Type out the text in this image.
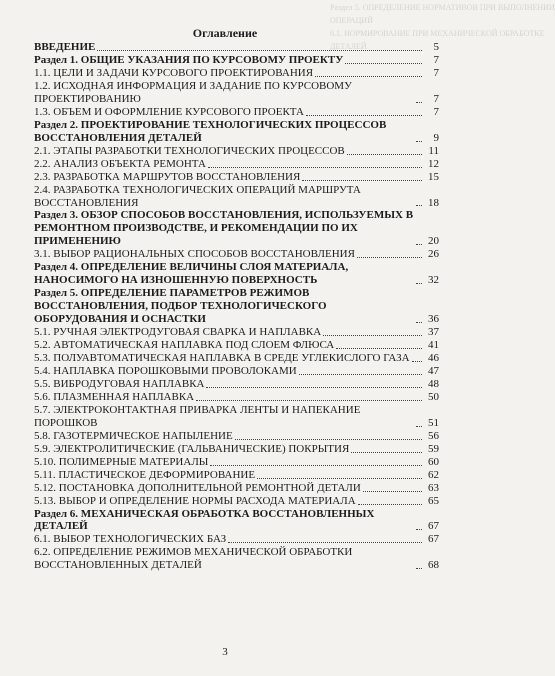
Раздел 5. ОПРЕДЕЛЕНИЕ НОРМАТИВОВ ПРИ ВЫПОЛНЕНИИ
ОПЕРАЦИЙ
6.1. НОРМИРОВАНИЕ ПРИ МЕХАНИЧЕСКОЙ ОБРАБОТКЕ
ДЕТАЛЕЙ
Оглавление
ВВЕДЕНИЕ	5
Раздел 1. ОБЩИЕ УКАЗАНИЯ ПО КУРСОВОМУ ПРОЕКТУ	7
1.1. ЦЕЛИ И ЗАДАЧИ КУРСОВОГО ПРОЕКТИРОВАНИЯ	7
1.2. ИСХОДНАЯ ИНФОРМАЦИЯ И ЗАДАНИЕ ПО КУРСОВОМУ ПРОЕКТИРОВАНИЮ	7
1.3. ОБЪЕМ И ОФОРМЛЕНИЕ КУРСОВОГО ПРОЕКТА	7
Раздел 2. ПРОЕКТИРОВАНИЕ ТЕХНОЛОГИЧЕСКИХ ПРОЦЕССОВ ВОССТАНОВЛЕНИЯ ДЕТАЛЕЙ	9
2.1. ЭТАПЫ РАЗРАБОТКИ ТЕХНОЛОГИЧЕСКИХ ПРОЦЕССОВ	11
2.2. АНАЛИЗ ОБЪЕКТА РЕМОНТА	12
2.3. РАЗРАБОТКА МАРШРУТОВ ВОССТАНОВЛЕНИЯ	15
2.4. РАЗРАБОТКА ТЕХНОЛОГИЧЕСКИХ ОПЕРАЦИЙ МАРШРУТА ВОССТАНОВЛЕНИЯ	18
Раздел 3. ОБЗОР СПОСОБОВ ВОССТАНОВЛЕНИЯ, ИСПОЛЬЗУЕМЫХ В РЕМОНТНОМ ПРОИЗВОДСТВЕ, И РЕКОМЕНДАЦИИ ПО ИХ ПРИМЕНЕНИЮ	20
3.1. ВЫБОР РАЦИОНАЛЬНЫХ СПОСОБОВ ВОССТАНОВЛЕНИЯ	26
Раздел 4. ОПРЕДЕЛЕНИЕ ВЕЛИЧИНЫ СЛОЯ МАТЕРИАЛА, НАНОСИМОГО НА ИЗНОШЕННУЮ ПОВЕРХНОСТЬ	32
Раздел 5. ОПРЕДЕЛЕНИЕ ПАРАМЕТРОВ РЕЖИМОВ ВОССТАНОВЛЕНИЯ, ПОДБОР ТЕХНОЛОГИЧЕСКОГО ОБОРУДОВАНИЯ И ОСНАСТКИ	36
5.1. РУЧНАЯ ЭЛЕКТРОДУГОВАЯ СВАРКА И НАПЛАВКА	37
5.2. АВТОМАТИЧЕСКАЯ НАПЛАВКА ПОД СЛОЕМ ФЛЮСА	41
5.3. ПОЛУАВТОМАТИЧЕСКАЯ НАПЛАВКА В СРЕДЕ УГЛЕКИСЛОГО ГАЗА	46
5.4. НАПЛАВКА ПОРОШКОВЫМИ ПРОВОЛОКАМИ	47
5.5. ВИБРОДУГОВАЯ НАПЛАВКА	48
5.6. ПЛАЗМЕННАЯ НАПЛАВКА	50
5.7. ЭЛЕКТРОКОНТАКТНАЯ ПРИВАРКА ЛЕНТЫ И НАПЕКАНИЕ ПОРОШКОВ	51
5.8. ГАЗОТЕРМИЧЕСКОЕ НАПЫЛЕНИЕ	56
5.9. ЭЛЕКТРОЛИТИЧЕСКИЕ (ГАЛЬВАНИЧЕСКИЕ) ПОКРЫТИЯ	59
5.10. ПОЛИМЕРНЫЕ МАТЕРИАЛЫ	60
5.11. ПЛАСТИЧЕСКОЕ ДЕФОРМИРОВАНИЕ	62
5.12. ПОСТАНОВКА ДОПОЛНИТЕЛЬНОЙ РЕМОНТНОЙ ДЕТАЛИ	63
5.13. ВЫБОР И ОПРЕДЕЛЕНИЕ НОРМЫ РАСХОДА МАТЕРИАЛА	65
Раздел 6. МЕХАНИЧЕСКАЯ ОБРАБОТКА ВОССТАНОВЛЕННЫХ ДЕТАЛЕЙ	67
6.1. ВЫБОР ТЕХНОЛОГИЧЕСКИХ БАЗ	67
6.2. ОПРЕДЕЛЕНИЕ РЕЖИМОВ МЕХАНИЧЕСКОЙ ОБРАБОТКИ ВОССТАНОВЛЕННЫХ ДЕТАЛЕЙ	68
3
